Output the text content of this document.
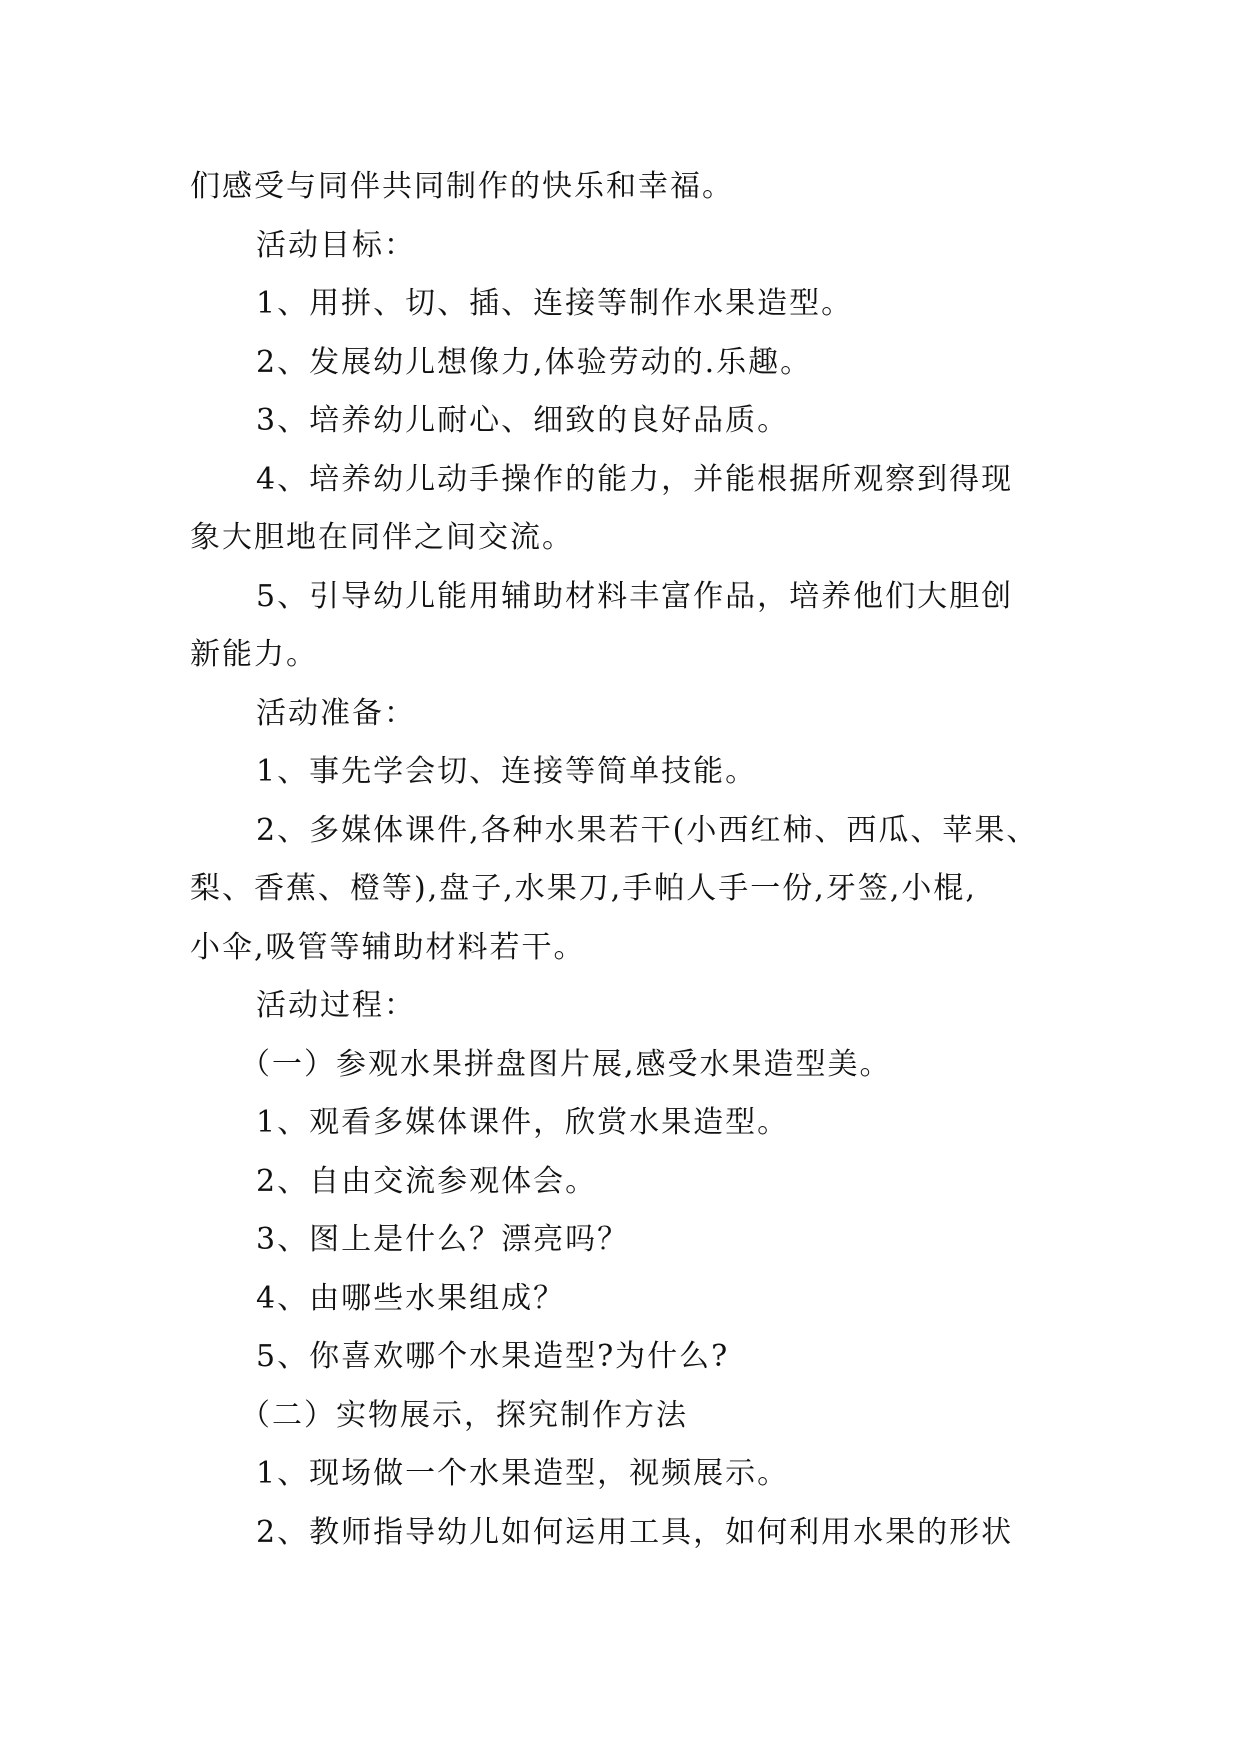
们感受与同伴共同制作的快乐和幸福。
活动目标：
1、用拼、切、插、连接等制作水果造型。
2、发展幼儿想像力,体验劳动的.乐趣。
3、培养幼儿耐心、细致的良好品质。
4、培养幼儿动手操作的能力，并能根据所观察到得现
象大胆地在同伴之间交流。
5、引导幼儿能用辅助材料丰富作品，培养他们大胆创
新能力。
活动准备：
1、事先学会切、连接等简单技能。
2、多媒体课件,各种水果若干(小西红柿、西瓜、苹果、
梨、香蕉、橙等),盘子,水果刀,手帕人手一份,牙签,小棍,
小伞,吸管等辅助材料若干。
活动过程：
（一）参观水果拼盘图片展,感受水果造型美。
1、观看多媒体课件，欣赏水果造型。
2、自由交流参观体会。
3、图上是什么？漂亮吗？
4、由哪些水果组成？
5、你喜欢哪个水果造型?为什么?
（二）实物展示，探究制作方法
1、现场做一个水果造型，视频展示。
2、教师指导幼儿如何运用工具，如何利用水果的形状
